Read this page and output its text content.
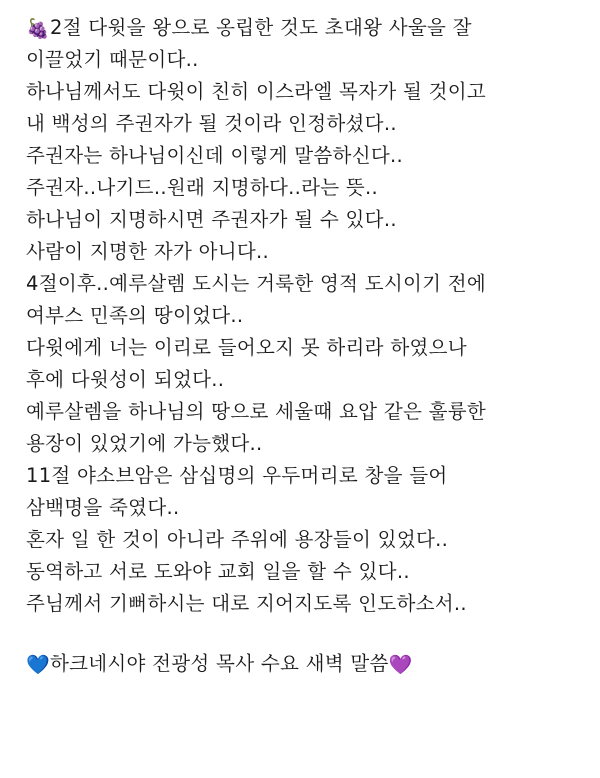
🍇2절 다윗을 왕으로 옹립한 것도 초대왕 사울을 잘
이끌었기 때문이다..
하나님께서도 다윗이 친히 이스라엘 목자가 될 것이고
내 백성의 주권자가 될 것이라 인정하셨다..
주권자는 하나님이신데 이렇게 말씀하신다..
주권자..나기드..원래 지명하다..라는 뜻..
하나님이 지명하시면 주권자가 될 수 있다..
사람이 지명한 자가 아니다..
4절이후..예루살렘 도시는 거룩한 영적 도시이기 전에
여부스 민족의 땅이었다..
다윗에게 너는 이리로 들어오지 못 하리라 하였으나
후에 다윗성이 되었다..
예루살렘을 하나님의 땅으로 세울때 요압 같은 훌륭한
용장이 있었기에 가능했다..
11절 야소브암은 삼십명의 우두머리로 창을 들어
삼백명을 죽였다..
혼자 일 한 것이 아니라 주위에 용장들이 있었다..
동역하고 서로 도와야 교회 일을 할 수 있다..
주님께서 기뻐하시는 대로 지어지도록 인도하소서..
💙하크네시야 전광성 목사 수요 새벽 말씀💜
